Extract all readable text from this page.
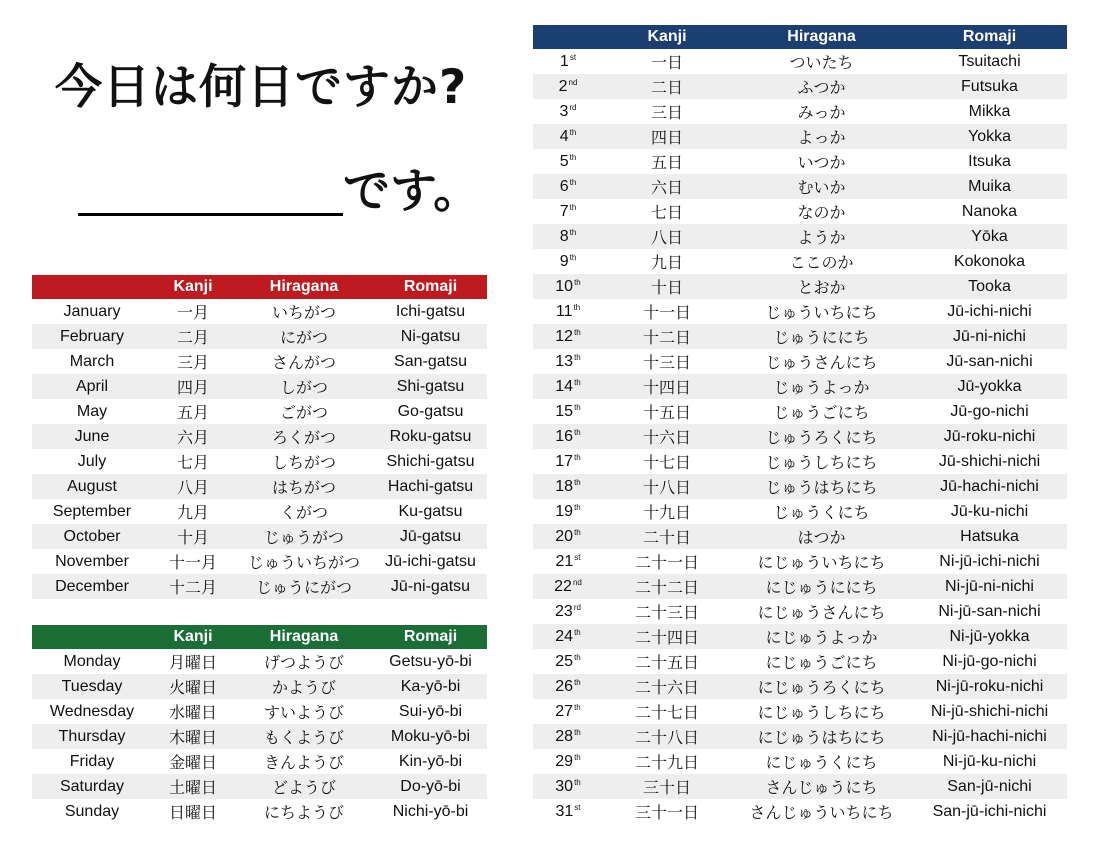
今日は何日ですか?
です。
	Kanji	Hiragana	Romaji
January	一月	いちがつ	Ichi-gatsu
February	二月	にがつ	Ni-gatsu
March	三月	さんがつ	San-gatsu
April	四月	しがつ	Shi-gatsu
May	五月	ごがつ	Go-gatsu
June	六月	ろくがつ	Roku-gatsu
July	七月	しちがつ	Shichi-gatsu
August	八月	はちがつ	Hachi-gatsu
September	九月	くがつ	Ku-gatsu
October	十月	じゅうがつ	Jū-gatsu
November	十一月	じゅういちがつ	Jū-ichi-gatsu
December	十二月	じゅうにがつ	Jū-ni-gatsu
	Kanji	Hiragana	Romaji
Monday	月曜日	げつようび	Getsu-yō-bi
Tuesday	火曜日	かようび	Ka-yō-bi
Wednesday	水曜日	すいようび	Sui-yō-bi
Thursday	木曜日	もくようび	Moku-yō-bi
Friday	金曜日	きんようび	Kin-yō-bi
Saturday	土曜日	どようび	Do-yō-bi
Sunday	日曜日	にちようび	Nichi-yō-bi
	Kanji	Hiragana	Romaji
1st	一日	ついたち	Tsuitachi
2nd	二日	ふつか	Futsuka
3rd	三日	みっか	Mikka
4th	四日	よっか	Yokka
5th	五日	いつか	Itsuka
6th	六日	むいか	Muika
7th	七日	なのか	Nanoka
8th	八日	ようか	Yōka
9th	九日	ここのか	Kokonoka
10th	十日	とおか	Tooka
11th	十一日	じゅういちにち	Jū-ichi-nichi
12th	十二日	じゅうににち	Jū-ni-nichi
13th	十三日	じゅうさんにち	Jū-san-nichi
14th	十四日	じゅうよっか	Jū-yokka
15th	十五日	じゅうごにち	Jū-go-nichi
16th	十六日	じゅうろくにち	Jū-roku-nichi
17th	十七日	じゅうしちにち	Jū-shichi-nichi
18th	十八日	じゅうはちにち	Jū-hachi-nichi
19th	十九日	じゅうくにち	Jū-ku-nichi
20th	二十日	はつか	Hatsuka
21st	二十一日	にじゅういちにち	Ni-jū-ichi-nichi
22nd	二十二日	にじゅうににち	Ni-jū-ni-nichi
23rd	二十三日	にじゅうさんにち	Ni-jū-san-nichi
24th	二十四日	にじゅうよっか	Ni-jū-yokka
25th	二十五日	にじゅうごにち	Ni-jū-go-nichi
26th	二十六日	にじゅうろくにち	Ni-jū-roku-nichi
27th	二十七日	にじゅうしちにち	Ni-jū-shichi-nichi
28th	二十八日	にじゅうはちにち	Ni-jū-hachi-nichi
29th	二十九日	にじゅうくにち	Ni-jū-ku-nichi
30th	三十日	さんじゅうにち	San-jū-nichi
31st	三十一日	さんじゅういちにち	San-jū-ichi-nichi
